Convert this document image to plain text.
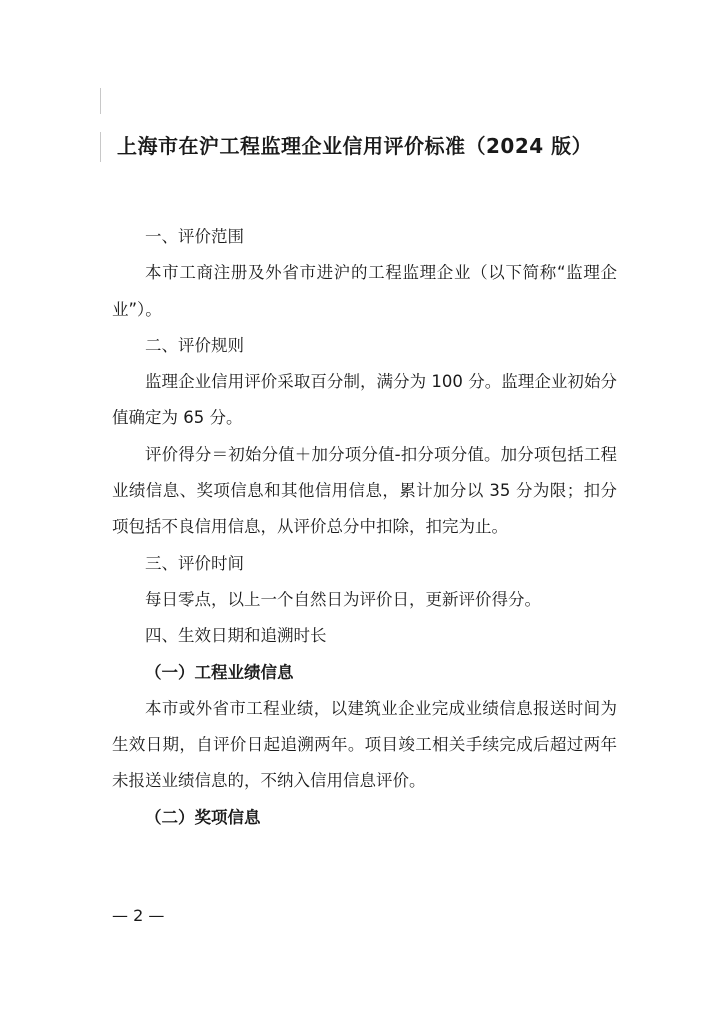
上海市在沪工程监理企业信用评价标准（2024 版）

一、评价范围

本市工商注册及外省市进沪的工程监理企业（以下简称“监理企业”）。

二、评价规则

监理企业信用评价采取百分制，满分为 100 分。监理企业初始分值确定为 65 分。

评价得分＝初始分值＋加分项分值-扣分项分值。加分项包括工程业绩信息、奖项信息和其他信用信息，累计加分以 35 分为限；扣分项包括不良信用信息，从评价总分中扣除，扣完为止。

三、评价时间

每日零点，以上一个自然日为评价日，更新评价得分。

四、生效日期和追溯时长

（一）工程业绩信息

本市或外省市工程业绩，以建筑业企业完成业绩信息报送时间为生效日期，自评价日起追溯两年。项目竣工相关手续完成后超过两年未报送业绩信息的，不纳入信用信息评价。

（二）奖项信息

— 2 —
